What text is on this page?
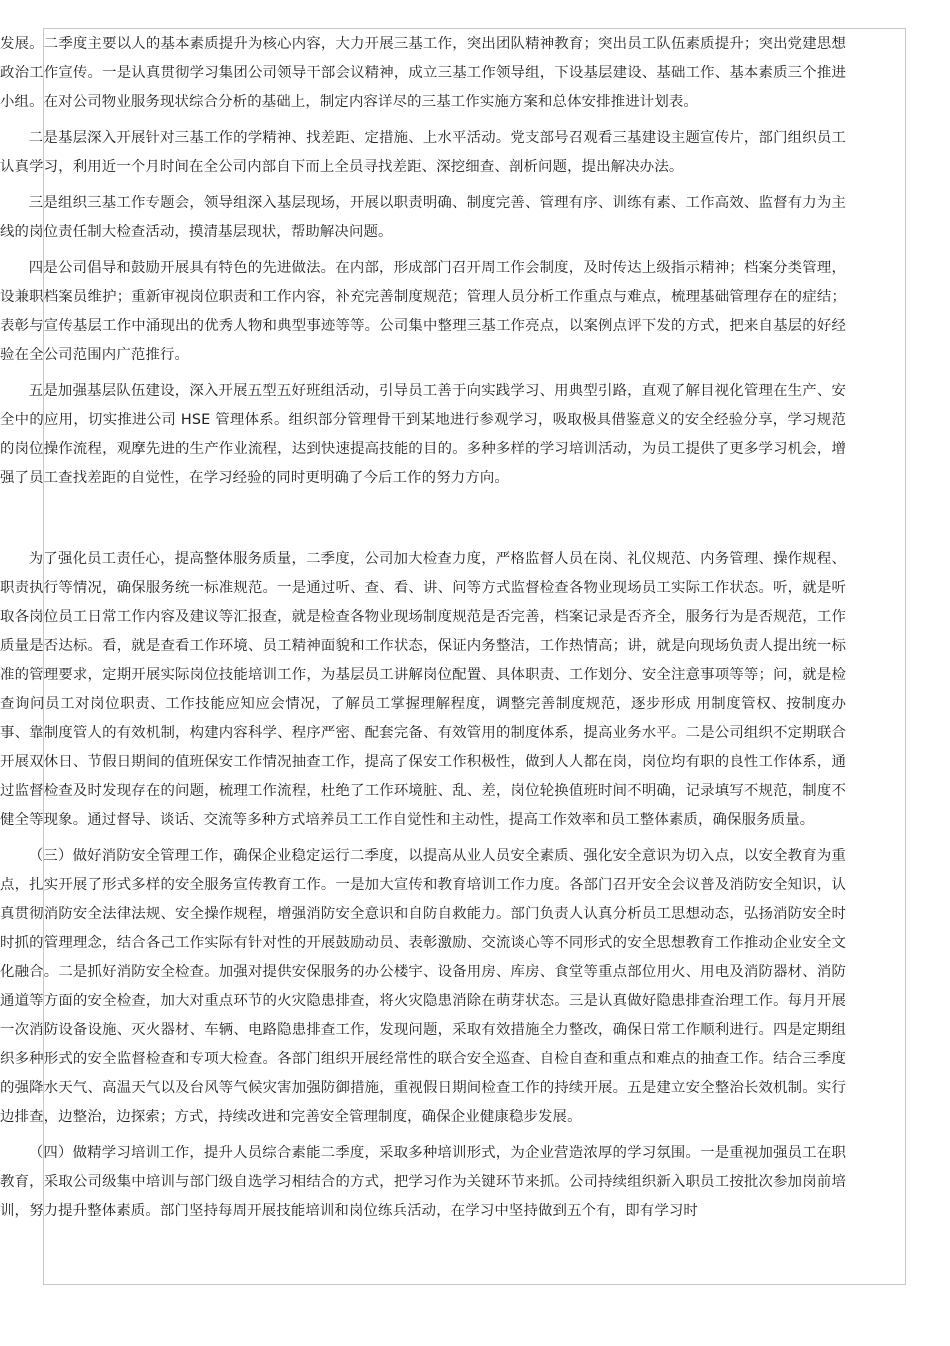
发展。二季度主要以人的基本素质提升为核心内容，大力开展三基工作，突出团队精神教育；突出员工队伍素质提升；突出党建思想政治工作宣传。一是认真贯彻学习集团公司领导干部会议精神，成立三基工作领导组，下设基层建设、基础工作、基本素质三个推进小组。在对公司物业服务现状综合分析的基础上，制定内容详尽的三基工作实施方案和总体安排推进计划表。

二是基层深入开展针对三基工作的学精神、找差距、定措施、上水平活动。党支部号召观看三基建设主题宣传片，部门组织员工认真学习，利用近一个月时间在全公司内部自下而上全员寻找差距、深挖细查、剖析问题，提出解决办法。

三是组织三基工作专题会，领导组深入基层现场，开展以职责明确、制度完善、管理有序、训练有素、工作高效、监督有力为主线的岗位责任制大检查活动，摸清基层现状，帮助解决问题。

四是公司倡导和鼓励开展具有特色的先进做法。在内部，形成部门召开周工作会制度，及时传达上级指示精神；档案分类管理，设兼职档案员维护；重新审视岗位职责和工作内容，补充完善制度规范；管理人员分析工作重点与难点，梳理基础管理存在的症结；表彰与宣传基层工作中涌现出的优秀人物和典型事迹等等。公司集中整理三基工作亮点，以案例点评下发的方式，把来自基层的好经验在全公司范围内广范推行。

五是加强基层队伍建设，深入开展五型五好班组活动，引导员工善于向实践学习、用典型引路，直观了解目视化管理在生产、安全中的应用，切实推进公司 HSE 管理体系。组织部分管理骨干到某地进行参观学习，吸取极具借鉴意义的安全经验分享，学习规范的岗位操作流程，观摩先进的生产作业流程，达到快速提高技能的目的。多种多样的学习培训活动，为员工提供了更多学习机会，增强了员工查找差距的自觉性，在学习经验的同时更明确了今后工作的努力方向。

为了强化员工责任心，提高整体服务质量，二季度，公司加大检查力度，严格监督人员在岗、礼仪规范、内务管理、操作规程、职责执行等情况，确保服务统一标准规范。一是通过听、查、看、讲、问等方式监督检查各物业现场员工实际工作状态。听，就是听取各岗位员工日常工作内容及建议等汇报查，就是检查各物业现场制度规范是否完善，档案记录是否齐全，服务行为是否规范，工作质量是否达标。看，就是查看工作环境、员工精神面貌和工作状态，保证内务整洁，工作热情高；讲，就是向现场负责人提出统一标准的管理要求，定期开展实际岗位技能培训工作，为基层员工讲解岗位配置、具体职责、工作划分、安全注意事项等等；问，就是检查询问员工对岗位职责、工作技能应知应会情况，了解员工掌握理解程度，调整完善制度规范，逐步形成 用制度管权、按制度办事、靠制度管人的有效机制，构建内容科学、程序严密、配套完备、有效管用的制度体系，提高业务水平。二是公司组织不定期联合开展双休日、节假日期间的值班保安工作情况抽查工作，提高了保安工作积极性，做到人人都在岗，岗位均有职的良性工作体系，通过监督检查及时发现存在的问题，梳理工作流程，杜绝了工作环境脏、乱、差，岗位轮换值班时间不明确，记录填写不规范，制度不健全等现象。通过督导、谈话、交流等多种方式培养员工工作自觉性和主动性，提高工作效率和员工整体素质，确保服务质量。

（三）做好消防安全管理工作，确保企业稳定运行二季度，以提高从业人员安全素质、强化安全意识为切入点，以安全教育为重点，扎实开展了形式多样的安全服务宣传教育工作。一是加大宣传和教育培训工作力度。各部门召开安全会议普及消防安全知识，认真贯彻消防安全法律法规、安全操作规程，增强消防安全意识和自防自救能力。部门负责人认真分析员工思想动态，弘扬消防安全时时抓的管理理念，结合各己工作实际有针对性的开展鼓励动员、表彰激励、交流谈心等不同形式的安全思想教育工作推动企业安全文化融合。二是抓好消防安全检查。加强对提供安保服务的办公楼宇、设备用房、库房、食堂等重点部位用火、用电及消防器材、消防通道等方面的安全检查，加大对重点环节的火灾隐患排查，将火灾隐患消除在萌芽状态。三是认真做好隐患排查治理工作。每月开展一次消防设备设施、灭火器材、车辆、电路隐患排查工作，发现问题，采取有效措施全力整改，确保日常工作顺利进行。四是定期组织多种形式的安全监督检查和专项大检查。各部门组织开展经常性的联合安全巡查、自检自查和重点和难点的抽查工作。结合三季度的强降水天气、高温天气以及台风等气候灾害加强防御措施，重视假日期间检查工作的持续开展。五是建立安全整治长效机制。实行边排查，边整治，边探索；方式，持续改进和完善安全管理制度，确保企业健康稳步发展。

（四）做精学习培训工作，提升人员综合素能二季度，采取多种培训形式，为企业营造浓厚的学习氛围。一是重视加强员工在职教育，采取公司级集中培训与部门级自选学习相结合的方式，把学习作为关键环节来抓。公司持续组织新入职员工按批次参加岗前培训，努力提升整体素质。部门坚持每周开展技能培训和岗位练兵活动，在学习中坚持做到五个有，即有学习时
